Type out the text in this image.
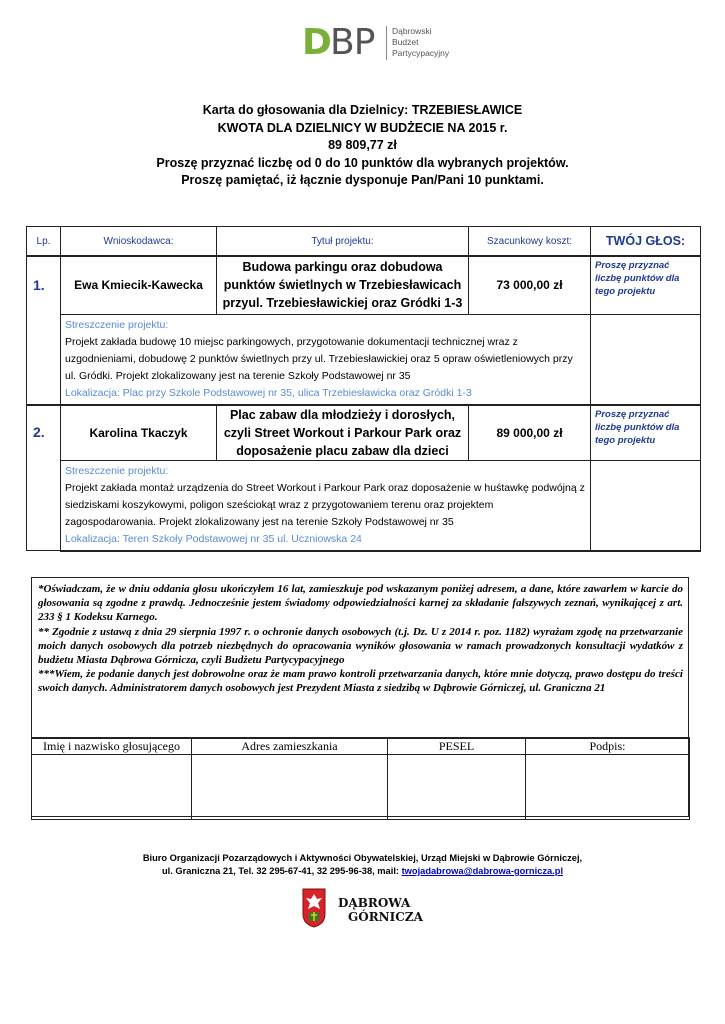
D
BP Dąbrowski
Budżet
Partycypacyjny
Karta do głosowania dla Dzielnicy: TRZEBIESŁAWICE
KWOTA DLA DZIELNICY W BUDŻECIE NA 2015 r.
89 809,77 zł
Proszę przyznać liczbę od 0 do 10 punktów dla wybranych projektów.
Proszę pamiętać, iż łącznie dysponuje Pan/Pani 10 punktami.
Lp.	Wnioskodawca:	Tytuł projektu:	Szacunkowy koszt:	TWÓJ GŁOS:
1.	Ewa Kmiecik-Kawecka	Budowa parkingu oraz dobudowa punktów świetlnych w Trzebiesławicach przyul. Trzebiesławickiej oraz Gródki 1-3	73 000,00 zł	Proszę przyznać liczbę punktów dla tego projektu

	Streszczenie projektu:
Projekt zakłada budowę 10 miejsc parkingowych, przygotowanie dokumentacji technicznej wraz z uzgodnieniami, dobudowę 2 punktów świetlnych przy ul. Trzebiesławickiej oraz 5 opraw oświetleniowych przy ul. Gródki. Projekt zlokalizowany jest na terenie Szkoły Podstawowej nr 35
Lokalizacja: Plac przy Szkole Podstawowej nr 35, ulica Trzebiesławicka oraz Gródki 1-3			

2.	Karolina Tkaczyk	Plac zabaw dla młodzieży i dorosłych, czyli Street Workout i Parkour Park oraz doposażenie placu zabaw dla dzieci	89 000,00 zł	Proszę przyznać liczbę punktów dla tego projektu

	Streszczenie projektu:
Projekt zakłada montaż urządzenia do Street Workout i Parkour Park oraz doposażenie w huśtawkę podwójną z siedziskami koszykowymi, poligon sześciokąt wraz z przygotowaniem terenu oraz projektem zagospodarowania. Projekt zlokalizowany jest na terenie Szkoły Podstawowej nr 35
Lokalizacja: Teren Szkoły Podstawowej nr 35 ul. Uczniowska 24			

*Oświadczam, że w dniu oddania głosu ukończyłem 16 lat, zamieszkuje pod wskazanym poniżej adresem, a dane, które zawarłem w karcie do głosowania są zgodne z prawdą. Jednocześnie jestem świadomy odpowiedzialności karnej za składanie fałszywych zeznań, wynikającej z art. 233 § 1 Kodeksu Karnego.
** Zgodnie z ustawą z dnia 29 sierpnia 1997 r. o ochronie danych osobowych (t.j. Dz. U z 2014 r. poz. 1182) wyrażam zgodę na przetwarzanie moich danych osobowych dla potrzeb niezbędnych do opracowania wyników głosowania w ramach prowadzonych konsultacji wydatków z budżetu Miasta Dąbrowa Górnicza, czyli Budżetu Partycypacyjnego
***Wiem, że podanie danych jest dobrowolne oraz że mam prawo kontroli przetwarzania danych, które mnie dotyczą, prawo dostępu do treści swoich danych. Administratorem danych osobowych jest Prezydent Miasta z siedzibą w Dąbrowie Górniczej, ul. Graniczna 21
Imię i nazwisko głosującego	Adres zamieszkania	PESEL	Podpis:

Biuro Organizacji Pozarządowych i Aktywności Obywatelskiej, Urząd Miejski w Dąbrowie Górniczej,
ul. Graniczna 21, Tel. 32 295-67-41, 32 295-96-38, mail: twojadabrowa@dabrowa-gornicza.pl
DĄBROWA
GÓRNICZA
